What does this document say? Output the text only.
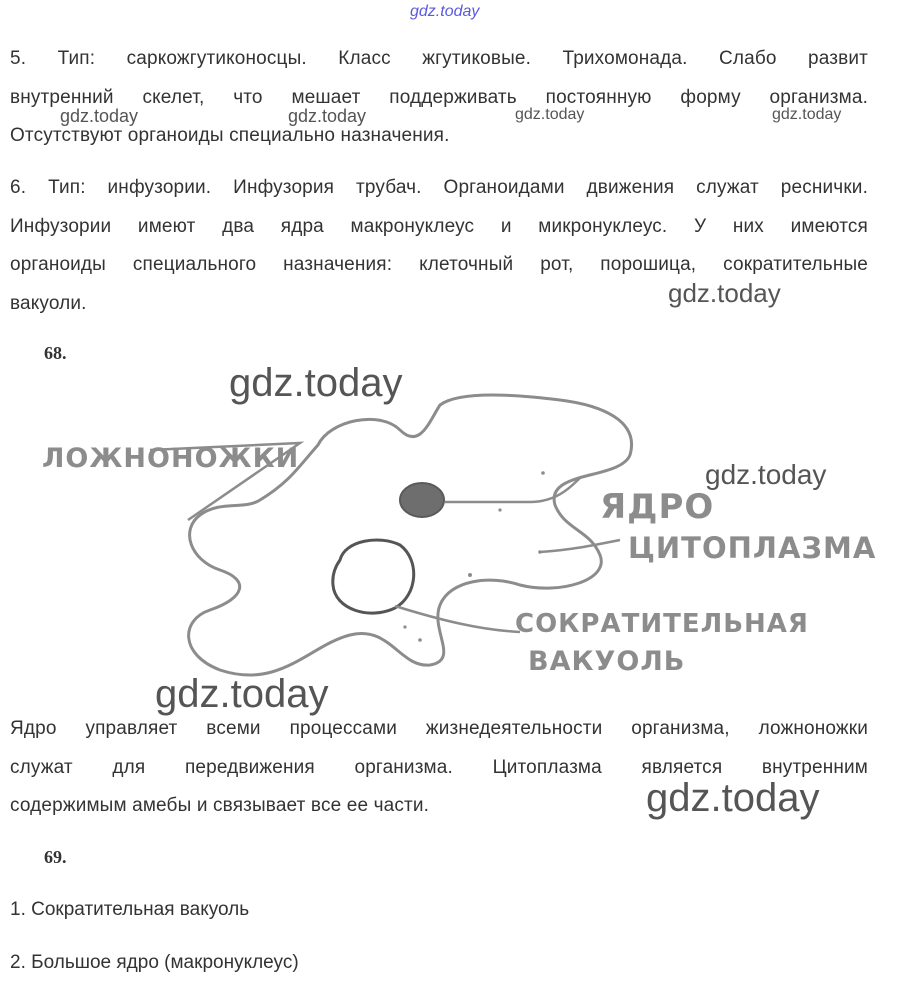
gdz.today
5. Тип: саркожгутиконосцы. Класс жгутиковые. Трихомонада. Слабо развит
внутренний скелет, что мешает поддерживать постоянную форму организма.
Отсутствуют органоиды специально назначения.
gdz.today	gdz.today	gdz.today	gdz.today
6. Тип: инфузории. Инфузория трубач. Органоидами движения служат реснички.
Инфузории имеют два ядра макронуклеус и микронуклеус. У них имеются
органоиды специального назначения: клеточный рот, порошица, сократительные
вакуоли.	gdz.today
68.
ЛОЖНОНОЖКИ
ЯДРО
ЦИТОПЛАЗМА
СОКРАТИТЕЛЬНАЯ
ВАКУОЛЬ
gdz.today
gdz.today
gdz.today
Ядро управляет всеми процессами жизнедеятельности организма, ложноножки
служат для передвижения организма. Цитоплазма является внутренним
содержимым амебы и связывает все ее части.	gdz.today
69.
1. Сократительная вакуоль
2. Большое ядро (макронуклеус)
